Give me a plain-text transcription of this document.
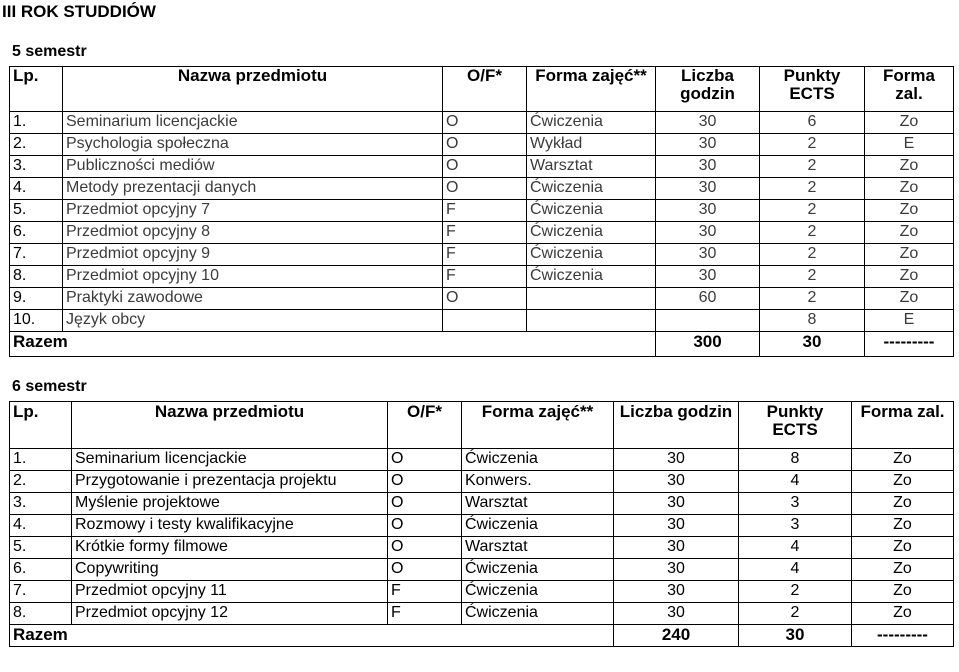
III ROK STUDDIÓW
5 semestr
Lp.	Nazwa przedmiotu	O/F*	Forma zajęć**	Liczba godzin	Punkty ECTS	Forma zal.
1.	Seminarium licencjackie	O	Ćwiczenia	30	6	Zo
2.	Psychologia społeczna	O	Wykład	30	2	E
3.	Publiczności mediów	O	Warsztat	30	2	Zo
4.	Metody prezentacji danych	O	Ćwiczenia	30	2	Zo
5.	Przedmiot opcyjny 7	F	Ćwiczenia	30	2	Zo
6.	Przedmiot opcyjny 8	F	Ćwiczenia	30	2	Zo
7.	Przedmiot opcyjny 9	F	Ćwiczenia	30	2	Zo
8.	Przedmiot opcyjny 10	F	Ćwiczenia	30	2	Zo
9.	Praktyki zawodowe	O		60	2	Zo
10.	Język obcy				8	E
Razem				300	30	---------
6 semestr
Lp.	Nazwa przedmiotu	O/F*	Forma zajęć**	Liczba godzin	Punkty ECTS	Forma zal.
1.	Seminarium licencjackie	O	Ćwiczenia	30	8	Zo
2.	Przygotowanie i prezentacja projektu	O	Konwers.	30	4	Zo
3.	Myślenie projektowe	O	Warsztat	30	3	Zo
4.	Rozmowy i testy kwalifikacyjne	O	Ćwiczenia	30	3	Zo
5.	Krótkie formy filmowe	O	Warsztat	30	4	Zo
6.	Copywriting	O	Ćwiczenia	30	4	Zo
7.	Przedmiot opcyjny 11	F	Ćwiczenia	30	2	Zo
8.	Przedmiot opcyjny 12	F	Ćwiczenia	30	2	Zo
Razem				240	30	---------
